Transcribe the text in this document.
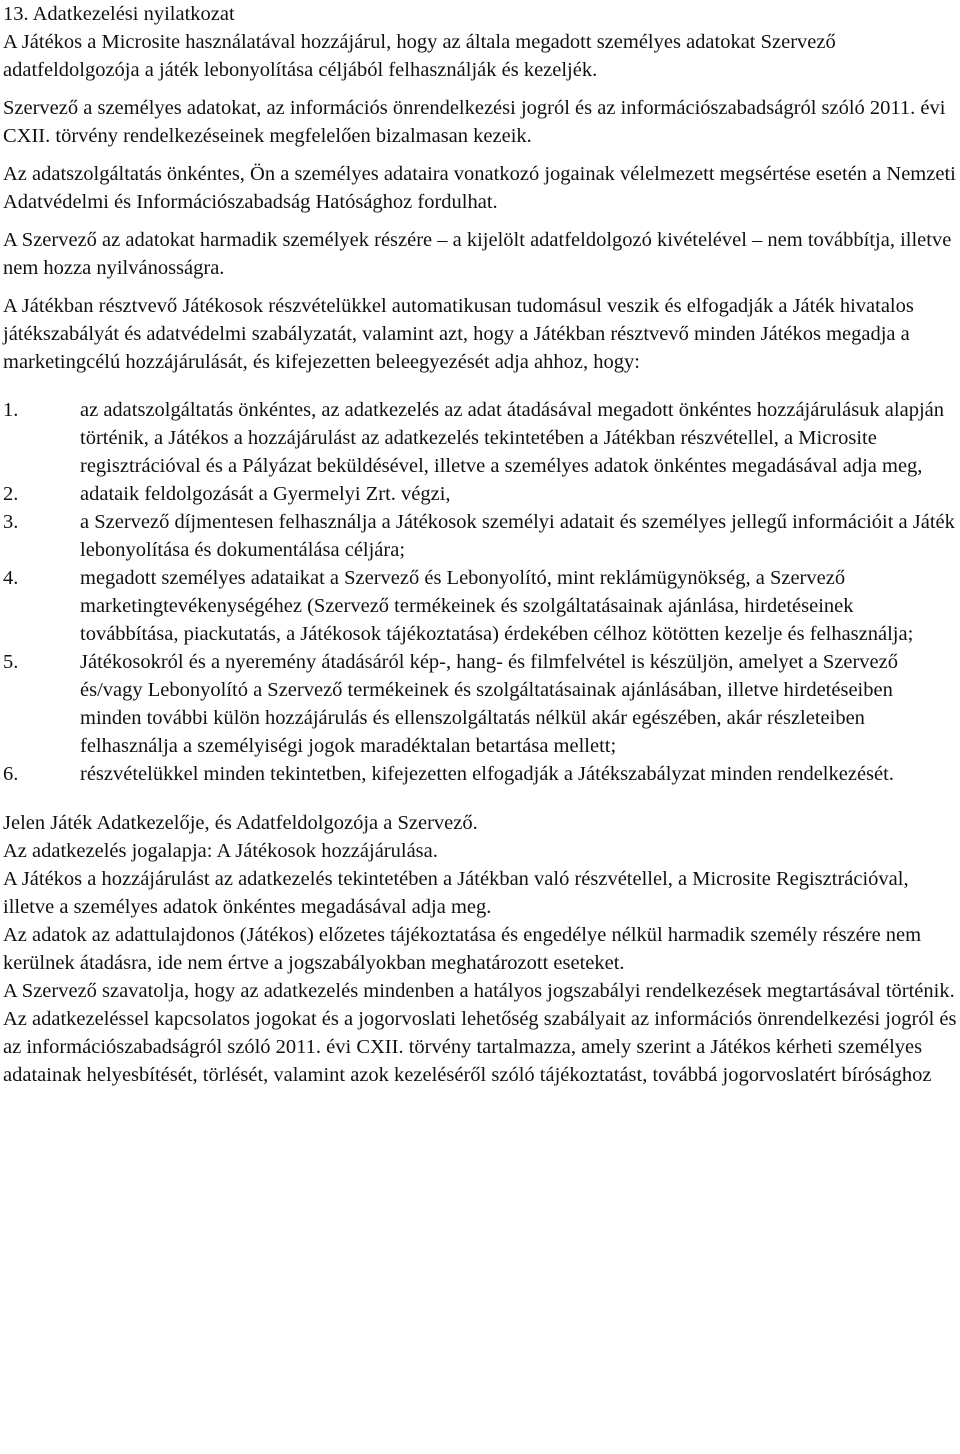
13. Adatkezelési nyilatkozat
A Játékos a Microsite használatával hozzájárul, hogy az általa megadott személyes adatokat Szervező adatfeldolgozója a játék lebonyolítása céljából felhasználják és kezeljék.
Szervező a személyes adatokat, az információs önrendelkezési jogról és az információszabadságról szóló 2011. évi CXII. törvény rendelkezéseinek megfelelően bizalmasan kezeik.
Az adatszolgáltatás önkéntes, Ön a személyes adataira vonatkozó jogainak vélelmezett megsértése esetén a Nemzeti Adatvédelmi és Információszabadság Hatósághoz fordulhat.
A Szervező az adatokat harmadik személyek részére – a kijelölt adatfeldolgozó kivételével – nem továbbítja, illetve nem hozza nyilvánosságra.
A Játékban résztvevő Játékosok részvételükkel automatikusan tudomásul veszik és elfogadják a Játék hivatalos játékszabályát és adatvédelmi szabályzatát, valamint azt, hogy a Játékban résztvevő minden Játékos megadja a marketingcélú hozzájárulását, és kifejezetten beleegyezését adja ahhoz, hogy:
1.	az adatszolgáltatás önkéntes, az adatkezelés az adat átadásával megadott önkéntes hozzájárulásuk alapján történik, a Játékos a hozzájárulást az adatkezelés tekintetében a Játékban részvétellel, a Microsite regisztrációval és a Pályázat beküldésével, illetve a személyes adatok önkéntes megadásával adja meg,
2.	adataik feldolgozását a Gyermelyi Zrt. végzi,
3.	a Szervező díjmentesen felhasználja a Játékosok személyi adatait és személyes jellegű információit a Játék lebonyolítása és dokumentálása céljára;
4.	megadott személyes adataikat a Szervező és Lebonyolító, mint reklámügynökség, a Szervező marketingtevékenységéhez (Szervező termékeinek és szolgáltatásainak ajánlása, hirdetéseinek továbbítása, piackutatás, a Játékosok tájékoztatása) érdekében célhoz kötötten kezelje és felhasználja;
5.	Játékosokról és a nyeremény átadásáról kép-, hang- és filmfelvétel is készüljön, amelyet a Szervező és/vagy Lebonyolító a Szervező termékeinek és szolgáltatásainak ajánlásában, illetve hirdetéseiben minden további külön hozzájárulás és ellenszolgáltatás nélkül akár egészében, akár részleteiben felhasználja a személyiségi jogok maradéktalan betartása mellett;
6.	részvételükkel minden tekintetben, kifejezetten elfogadják a Játékszabályzat minden rendelkezését.
Jelen Játék Adatkezelője, és Adatfeldolgozója a Szervező.
Az adatkezelés jogalapja: A Játékosok hozzájárulása.
A Játékos a hozzájárulást az adatkezelés tekintetében a Játékban való részvétellel, a Microsite Regisztrációval, illetve a személyes adatok önkéntes megadásával adja meg.
Az adatok az adattulajdonos (Játékos) előzetes tájékoztatása és engedélye nélkül harmadik személy részére nem kerülnek átadásra, ide nem értve a jogszabályokban meghatározott eseteket.
A Szervező szavatolja, hogy az adatkezelés mindenben a hatályos jogszabályi rendelkezések megtartásával történik. Az adatkezeléssel kapcsolatos jogokat és a jogorvoslati lehetőség szabályait az információs önrendelkezési jogról és az információszabadságról szóló 2011. évi CXII. törvény tartalmazza, amely szerint a Játékos kérheti személyes adatainak helyesbítését, törlését, valamint azok kezeléséről szóló tájékoztatást, továbbá jogorvoslatért bírósághoz
